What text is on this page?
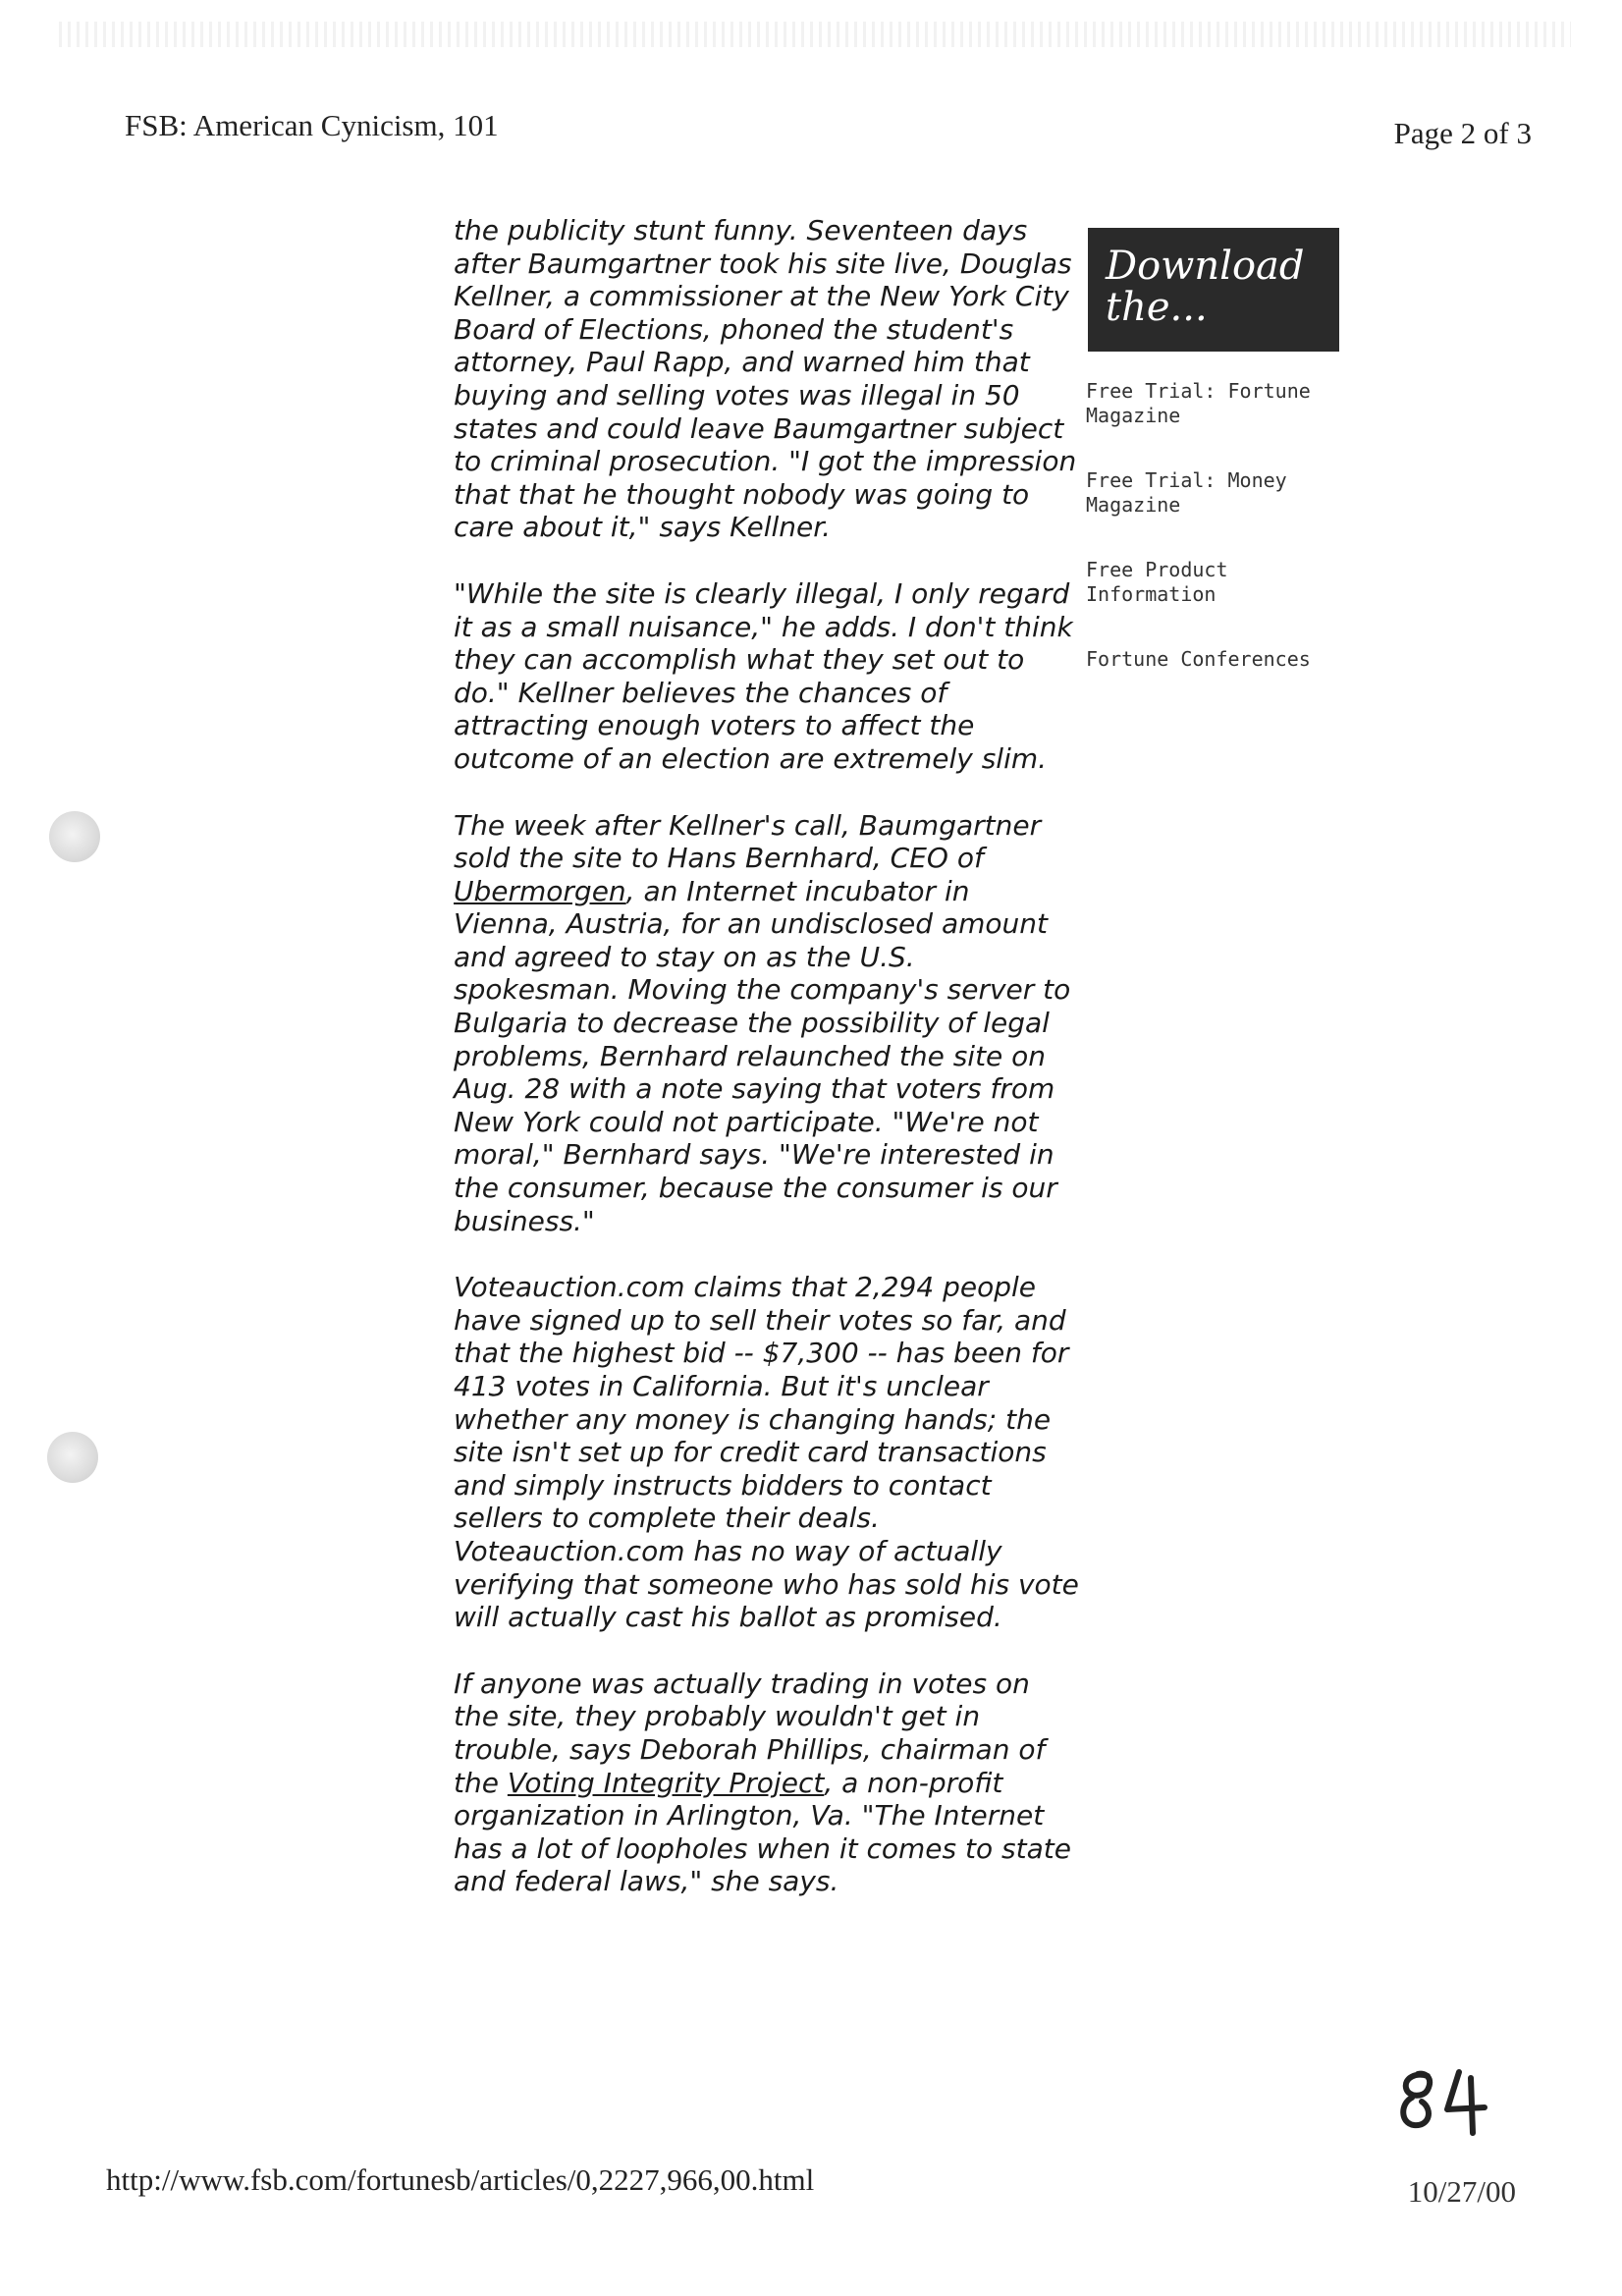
FSB: American Cynicism, 101	Page 2 of 3

the publicity stunt funny. Seventeen days after Baumgartner took his site live, Douglas Kellner, a commissioner at the New York City Board of Elections, phoned the student's attorney, Paul Rapp, and warned him that buying and selling votes was illegal in 50 states and could leave Baumgartner subject to criminal prosecution. "I got the impression that that he thought nobody was going to care about it," says Kellner.

"While the site is clearly illegal, I only regard it as a small nuisance," he adds. I don't think they can accomplish what they set out to do." Kellner believes the chances of attracting enough voters to affect the outcome of an election are extremely slim.

The week after Kellner's call, Baumgartner sold the site to Hans Bernhard, CEO of Ubermorgen, an Internet incubator in Vienna, Austria, for an undisclosed amount and agreed to stay on as the U.S. spokesman. Moving the company's server to Bulgaria to decrease the possibility of legal problems, Bernhard relaunched the site on Aug. 28 with a note saying that voters from New York could not participate. "We're not moral," Bernhard says. "We're interested in the consumer, because the consumer is our business."

Voteauction.com claims that 2,294 people have signed up to sell their votes so far, and that the highest bid -- $7,300 -- has been for 413 votes in California. But it's unclear whether any money is changing hands; the site isn't set up for credit card transactions and simply instructs bidders to contact sellers to complete their deals. Voteauction.com has no way of actually verifying that someone who has sold his vote will actually cast his ballot as promised.

If anyone was actually trading in votes on the site, they probably wouldn't get in trouble, says Deborah Phillips, chairman of the Voting Integrity Project, a non-profit organization in Arlington, Va. "The Internet has a lot of loopholes when it comes to state and federal laws," she says.

Download the...
Free Trial: Fortune Magazine
Free Trial: Money Magazine
Free Product Information
Fortune Conferences
http://www.fsb.com/fortunesb/articles/0,2227,966,00.html	10/27/00
